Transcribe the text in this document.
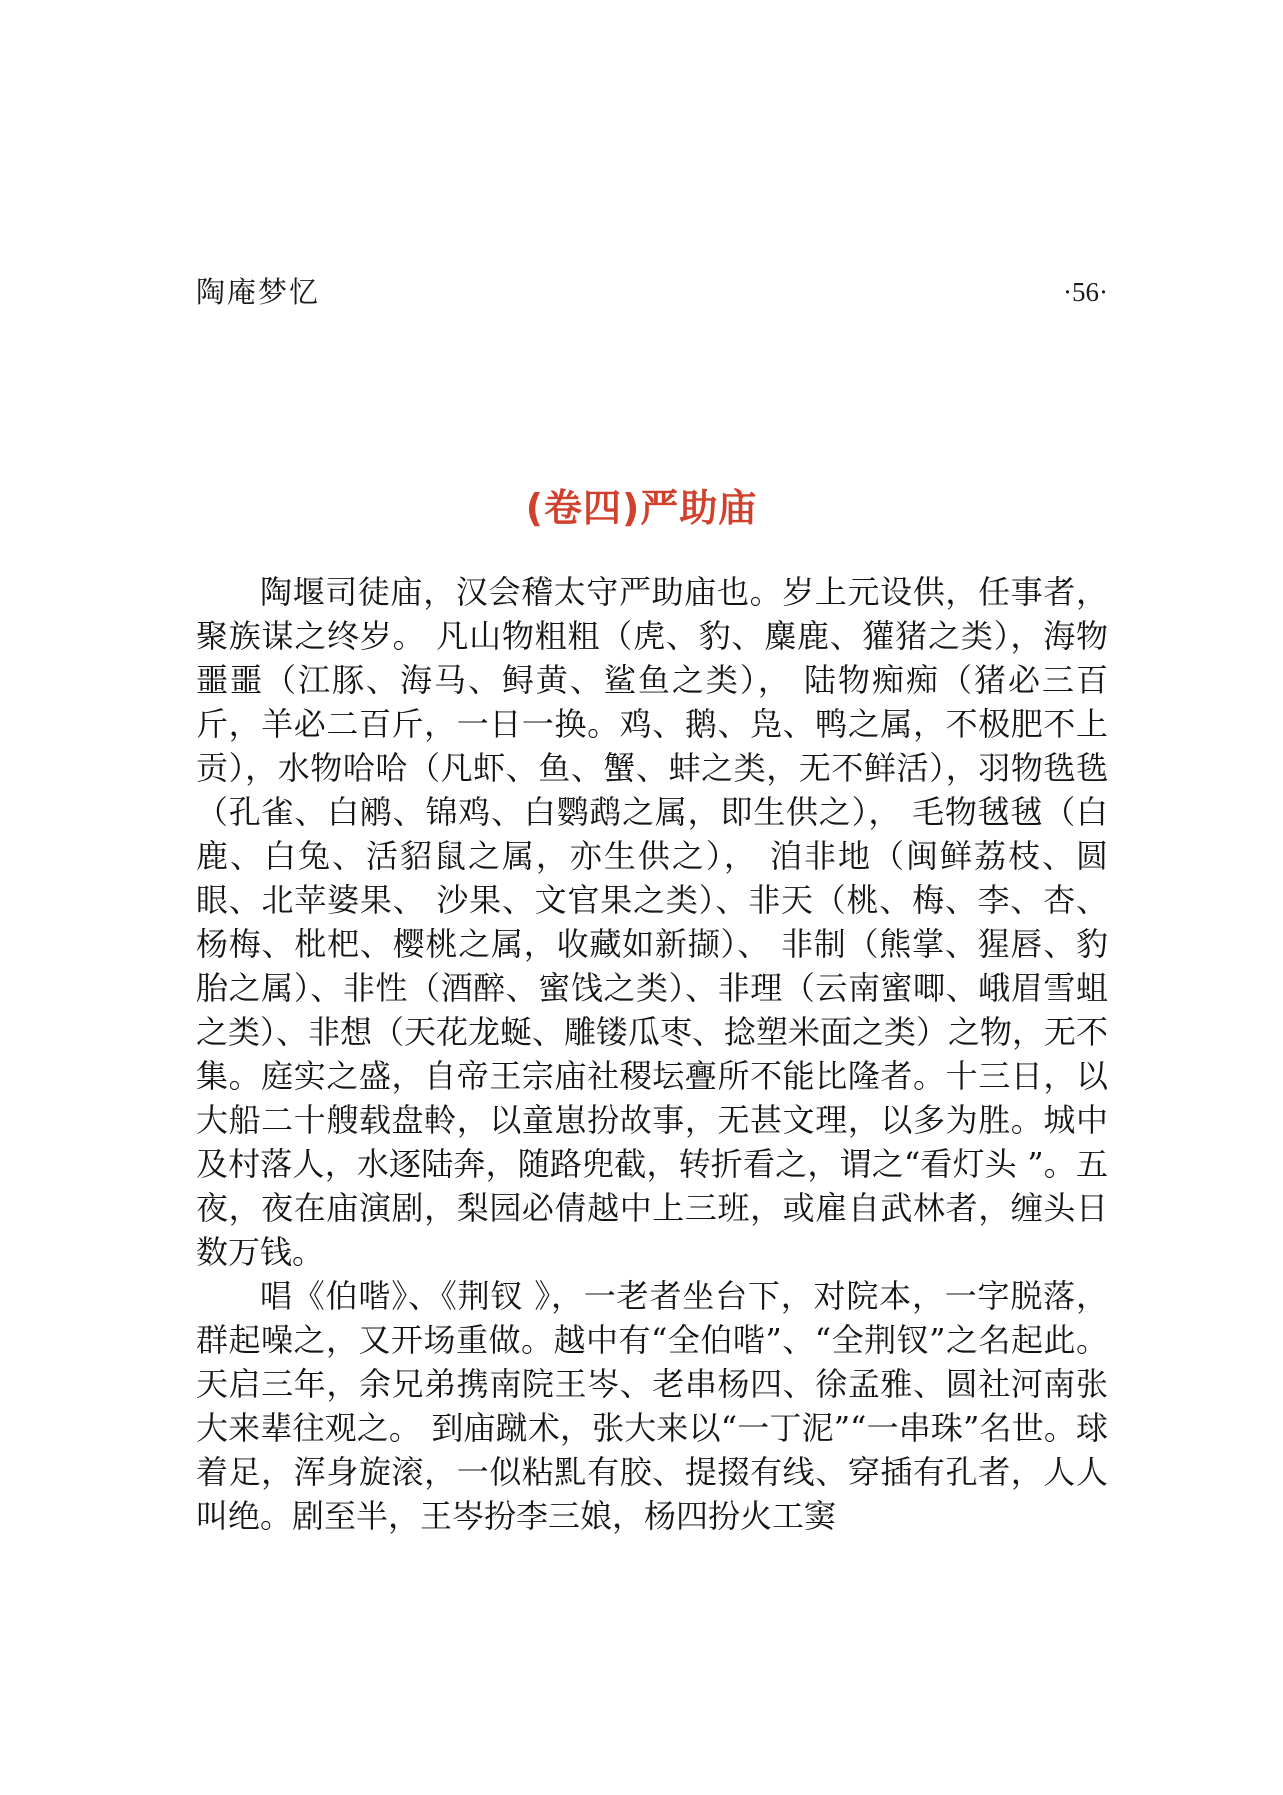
陶庵梦忆	·56·
(卷四)严助庙

陶堰司徒庙，汉会稽太守严助庙也。岁上元设供，任事者，聚族谋之终岁。 凡山物粗粗（虎、豹、麋鹿、獾猪之类），海物噩噩（江豚、海马、鲟黄、鲨鱼之类）， 陆物痴痴（猪必三百斤，羊必二百斤，一日一换。鸡、鹅、凫、鸭之属，不极肥不上贡），水物哈哈（凡虾、鱼、蟹、蚌之类，无不鲜活），羽物毨毨（孔雀、白鹇、锦鸡、白鹦鹉之属，即生供之）， 毛物毧毧（白鹿、白兔、活貂鼠之属，亦生供之）， 洎非地（闽鲜荔枝、圆眼、北苹婆果、 沙果、文官果之类）、非天（桃、梅、李、杏、杨梅、枇杷、樱桃之属，收藏如新撷）、 非制（熊掌、猩唇、豹胎之属）、非性（酒醉、蜜饯之类）、非理（云南蜜唧、峨眉雪蛆之类）、非想（天花龙蜒、雕镂瓜枣、捻塑米面之类）之物，无不集。庭实之盛，自帝王宗庙社稷坛亹所不能比隆者。十三日，以大船二十艘载盘軨，以童崽扮故事，无甚文理，以多为胜。城中及村落人，水逐陆奔，随路兜截，转折看之，谓之“看灯头 ”。五夜，夜在庙演剧，梨园必倩越中上三班，或雇自武林者，缠头日数万钱。

唱《伯喈》、《荆钗 》，一老者坐台下，对院本，一字脱落，群起噪之，又开场重做。越中有“全伯喈”、“全荆钗”之名起此。天启三年，余兄弟携南院王岑、老串杨四、徐孟雅、圆社河南张大来辈往观之。 到庙蹴术，张大来以“一丁泥”“一串珠”名世。球着足，浑身旋滚，一似粘䵝有胶、提掇有线、穿插有孔者，人人叫绝。剧至半，王岑扮李三娘，杨四扮火工窦
